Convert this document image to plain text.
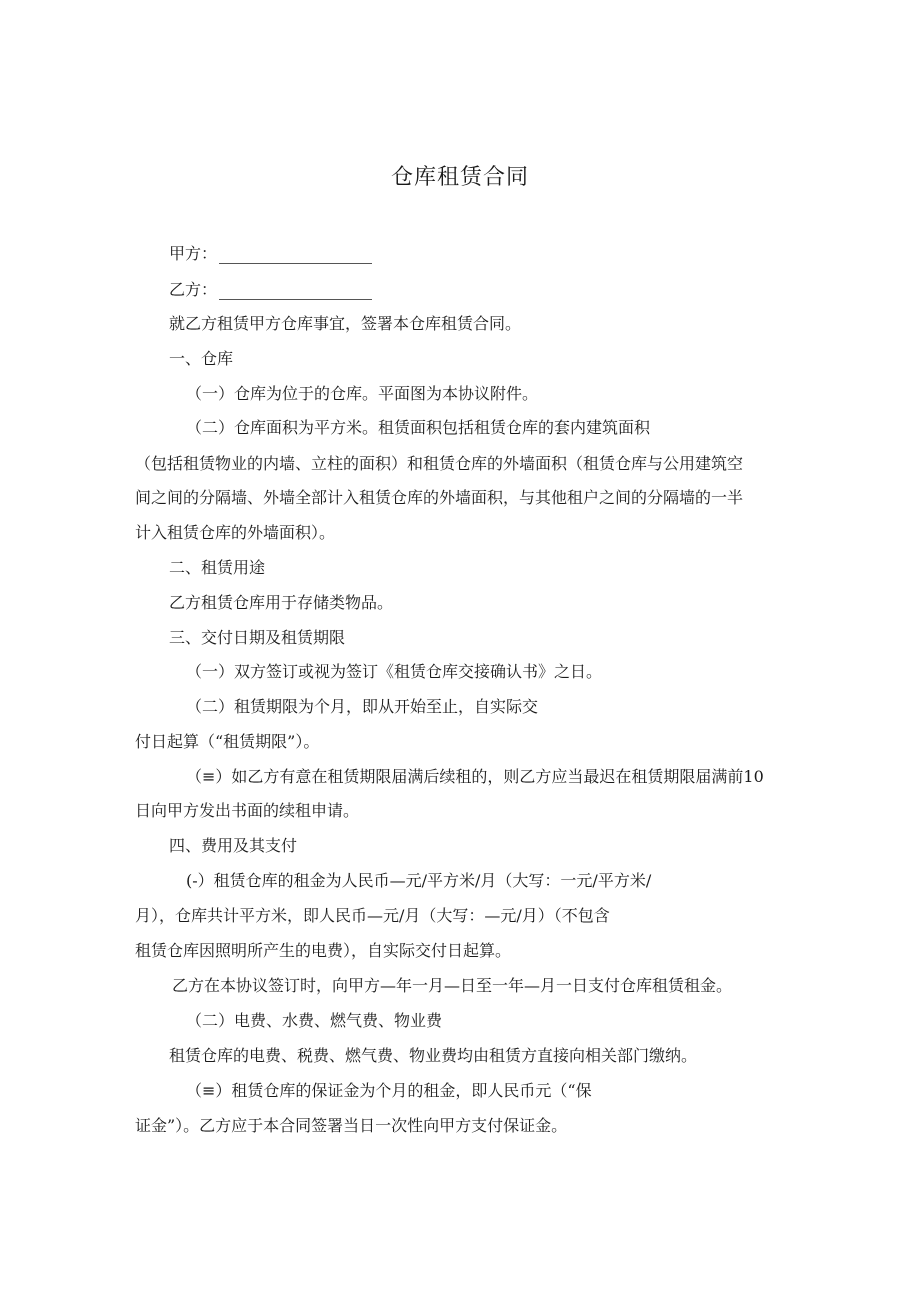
仓库租赁合同
甲方：
乙方：

就乙方租赁甲方仓库事宜，签署本仓库租赁合同。

一、仓库

（一）仓库为位于的仓库。平面图为本协议附件。

（二）仓库面积为平方米。租赁面积包括租赁仓库的套内建筑面积

（包括租赁物业的内墙、立柱的面积）和租赁仓库的外墙面积（租赁仓库与公用建筑空

间之间的分隔墙、外墙全部计入租赁仓库的外墙面积，与其他租户之间的分隔墙的一半

计入租赁仓库的外墙面积）。

二、租赁用途

乙方租赁仓库用于存储类物品。

三、交付日期及租赁期限

（一）双方签订或视为签订《租赁仓库交接确认书》之日。

（二）租赁期限为个月，即从开始至止，自实际交

付日起算（“租赁期限”）。

（≡）如乙方有意在租赁期限届满后续租的，则乙方应当最迟在租赁期限届满前10

日向甲方发出书面的续租申请。

四、费用及其支付

(-）租赁仓库的租金为人民币—元/平方米/月（大写：一元/平方米/

月），仓库共计平方米，即人民币—元/月（大写：—元/月）（不包含

租赁仓库因照明所产生的电费），自实际交付日起算。

乙方在本协议签订时，向甲方—年一月—日至一年—月一日支付仓库租赁租金。

（二）电费、水费、燃气费、物业费

租赁仓库的电费、税费、燃气费、物业费均由租赁方直接向相关部门缴纳。

（≡）租赁仓库的保证金为个月的租金，即人民币元（“保

证金”）。乙方应于本合同签署当日一次性向甲方支付保证金。
